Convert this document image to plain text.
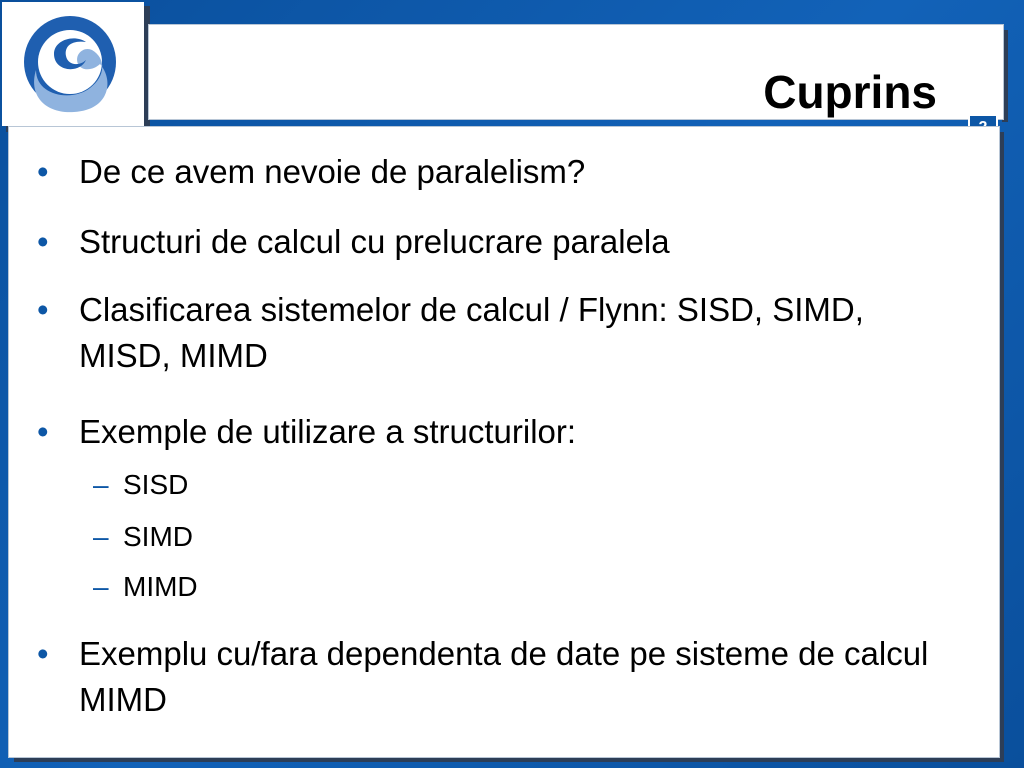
Cuprins
• De ce avem nevoie de paralelism?
• Structuri de calcul cu prelucrare paralela
• Clasificarea sistemelor de calcul / Flynn: SISD, SIMD, MISD, MIMD
• Exemple de utilizare a structurilor:
– SISD
– SIMD
– MIMD
• Exemplu cu/fara dependenta de date pe sisteme de calcul MIMD
